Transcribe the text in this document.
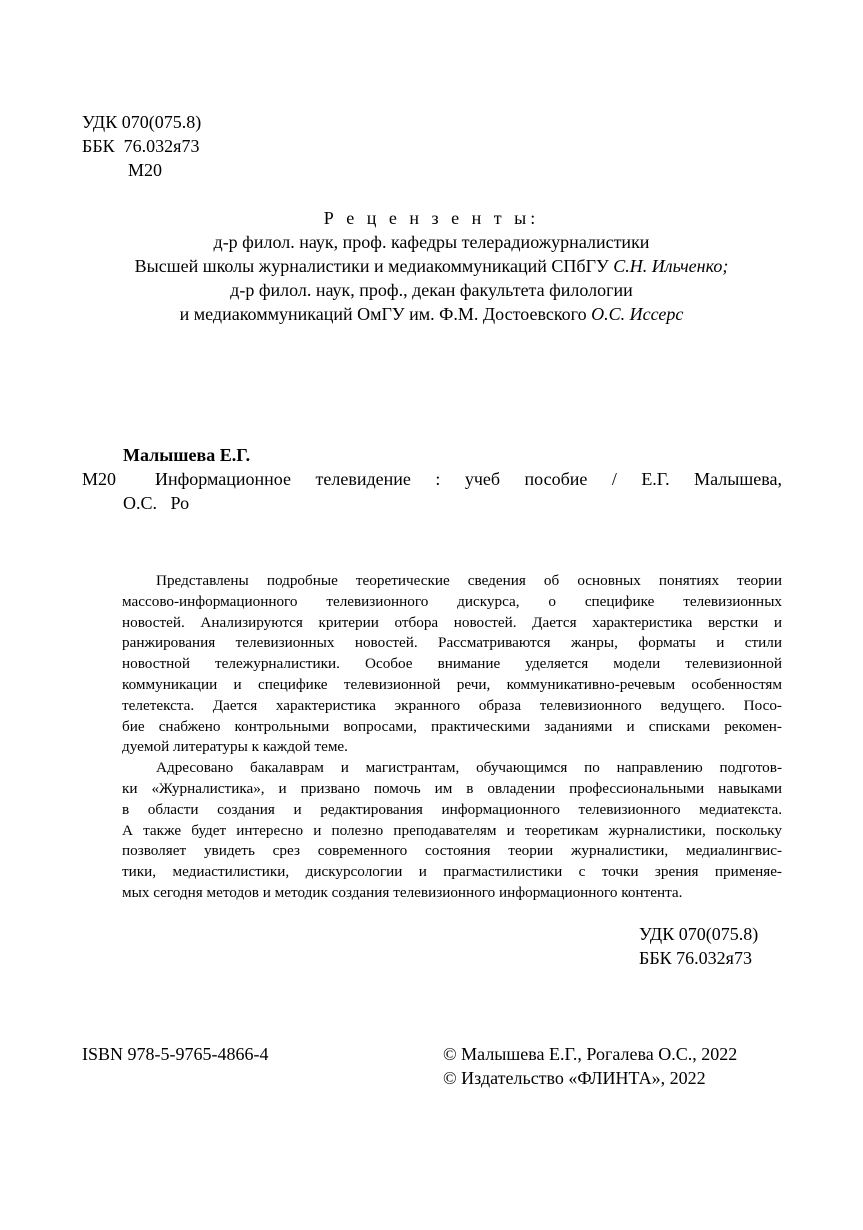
УДК 070(075.8)
ББК  76.032я73
М20
Р е ц е н з е н т ы:
д-р филол. наук, проф. кафедры телерадиожурналистики
Высшей школы журналистики и медиакоммуникаций СПбГУ С.Н. Ильченко;
д-р филол. наук, проф., декан факультета филологии
и медиакоммуникаций ОмГУ им. Ф.М. Достоевского О.С. Иссерс
Малышева Е.Г.
М20 Информационное телевидение : учеб пособие / Е.Г. Малышева,
О.С.   Ро
Представлены подробные теоретические сведения об основных понятиях теории
массово-информационного телевизионного дискурса, о специфике телевизионных
новостей. Анализируются критерии отбора новостей. Дается характеристика верстки и
ранжирования телевизионных новостей. Рассматриваются жанры, форматы и стили
новостной тележурналистики. Особое внимание уделяется модели телевизионной
коммуникации и специфике телевизионной речи, коммуникативно-речевым особенностям
телетекста. Дается характеристика экранного образа телевизионного ведущего. Посо-
бие снабжено контрольными вопросами, практическими заданиями и списками рекомен-
дуемой литературы к каждой теме.
Адресовано бакалаврам и магистрантам, обучающимся по направлению подготов-
ки «Журналистика», и призвано помочь им в овладении профессиональными навыками
в области создания и редактирования информационного телевизионного медиатекста.
А также будет интересно и полезно преподавателям и теоретикам журналистики, поскольку
позволяет увидеть срез современного состояния теории журналистики, медиалингвис-
тики, медиастилистики, дискурсологии и прагмастилистики с точки зрения применяе-
мых сегодня методов и методик создания телевизионного информационного контента.
УДК 070(075.8)
ББК 76.032я73
ISBN 978-5-9765-4866-4	© Малышева Е.Г., Рогалева О.С., 2022
© Издательство «ФЛИНТА», 2022
